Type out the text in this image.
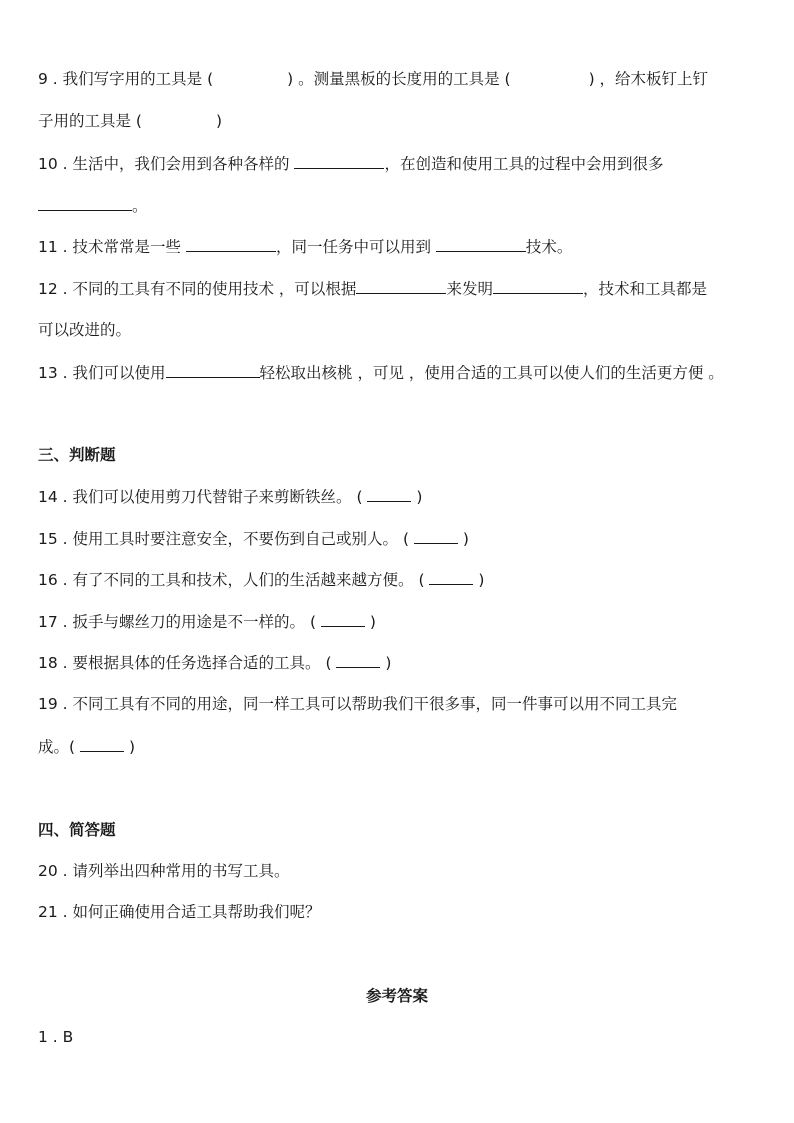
9 . 我们写字用的工具是 (	) 。测量黑板的长度用的工具是 (	) ，给木板钉上钉
子用的工具是 (	)
10 . 生活中，我们会用到各种各样的	，在创造和使用工具的过程中会用到很多
。
11 . 技术常常是一些	，同一任务中可以用到	技术。
12 . 不同的工具有不同的使用技术 ，可以根据	来发明	，技术和工具都是
可以改进的。
13 . 我们可以使用	轻松取出核桃 ，可见 ，使用合适的工具可以使人们的生活更方便 。
三、判断题
14 . 我们可以使用剪刀代替钳子来剪断铁丝。 (	)
15 . 使用工具时要注意安全，不要伤到自己或别人。 (	)
16 . 有了不同的工具和技术，人们的生活越来越方便。 (	)
17 . 扳手与螺丝刀的用途是不一样的。 (	)
18 . 要根据具体的任务选择合适的工具。 (	)
19 . 不同工具有不同的用途，同一样工具可以帮助我们干很多事，同一件事可以用不同工具完
成。(	)
四、简答题
20 . 请列举出四种常用的书写工具。
21 . 如何正确使用合适工具帮助我们呢？
参考答案
1 . B
